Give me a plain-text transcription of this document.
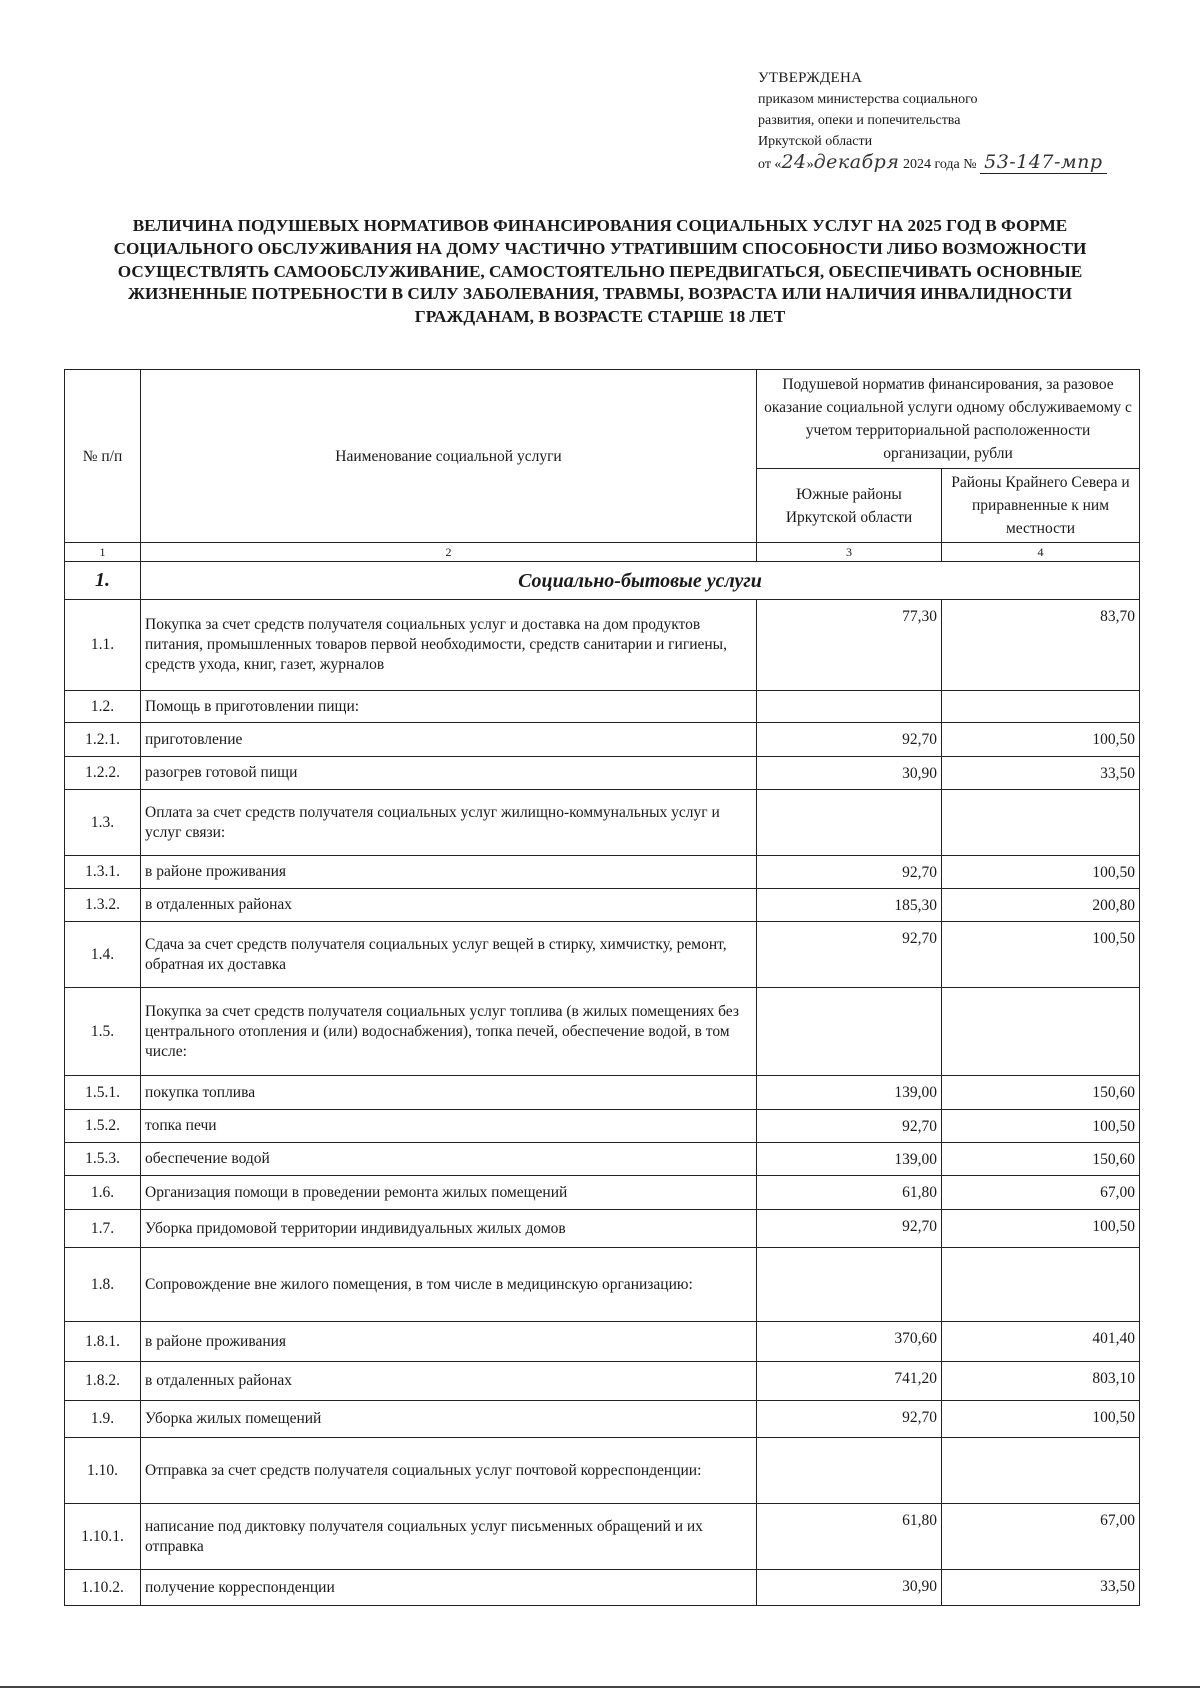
УТВЕРЖДЕНА
приказом министерства социального
развития, опеки и попечительства
Иркутской области
от «24»декабря 2024 года № 53-147-мпр
ВЕЛИЧИНА ПОДУШЕВЫХ НОРМАТИВОВ ФИНАНСИРОВАНИЯ СОЦИАЛЬНЫХ УСЛУГ НА 2025 ГОД В ФОРМЕ СОЦИАЛЬНОГО ОБСЛУЖИВАНИЯ НА ДОМУ ЧАСТИЧНО УТРАТИВШИМ СПОСОБНОСТИ ЛИБО ВОЗМОЖНОСТИ ОСУЩЕСТВЛЯТЬ САМООБСЛУЖИВАНИЕ, САМОСТОЯТЕЛЬНО ПЕРЕДВИГАТЬСЯ, ОБЕСПЕЧИВАТЬ ОСНОВНЫЕ ЖИЗНЕННЫЕ ПОТРЕБНОСТИ В СИЛУ ЗАБОЛЕВАНИЯ, ТРАВМЫ, ВОЗРАСТА ИЛИ НАЛИЧИЯ ИНВАЛИДНОСТИ ГРАЖДАНАМ, В ВОЗРАСТЕ СТАРШЕ 18 ЛЕТ
№ п/п	Наименование социальной услуги	Подушевой норматив финансирования, за разовое оказание социальной услуги одному обслуживаемому с учетом территориальной расположенности организации, рубли	
		Южные районы Иркутской области	Районы Крайнего Севера и приравненные к ним местности
1	2	3	4
1.	Социально-бытовые услуги		
1.1.	Покупка за счет средств получателя социальных услуг и доставка на дом продуктов питания, промышленных товаров первой необходимости, средств санитарии и гигиены, средств ухода, книг, газет, журналов	77,30	83,70
1.2.	Помощь в приготовлении пищи:		
1.2.1.	приготовление	92,70	100,50
1.2.2.	разогрев готовой пищи	30,90	33,50
1.3.	Оплата за счет средств получателя социальных услуг жилищно-коммунальных услуг и услуг связи:		
1.3.1.	в районе проживания	92,70	100,50
1.3.2.	в отдаленных районах	185,30	200,80
1.4.	Сдача за счет средств получателя социальных услуг вещей в стирку, химчистку, ремонт, обратная их доставка	92,70	100,50
1.5.	Покупка за счет средств получателя социальных услуг топлива (в жилых помещениях без центрального отопления и (или) водоснабжения), топка печей, обеспечение водой, в том числе:		
1.5.1.	покупка топлива	139,00	150,60
1.5.2.	топка печи	92,70	100,50
1.5.3.	обеспечение водой	139,00	150,60
1.6.	Организация помощи в проведении ремонта жилых помещений	61,80	67,00
1.7.	Уборка придомовой территории индивидуальных жилых домов	92,70	100,50
1.8.	Сопровождение вне жилого помещения, в том числе в медицинскую организацию:		
1.8.1.	в районе проживания	370,60	401,40
1.8.2.	в отдаленных районах	741,20	803,10
1.9.	Уборка жилых помещений	92,70	100,50
1.10.	Отправка за счет средств получателя социальных услуг почтовой корреспонденции:		
1.10.1.	написание под диктовку получателя социальных услуг письменных обращений и их отправка	61,80	67,00
1.10.2.	получение корреспонденции	30,90	33,50
